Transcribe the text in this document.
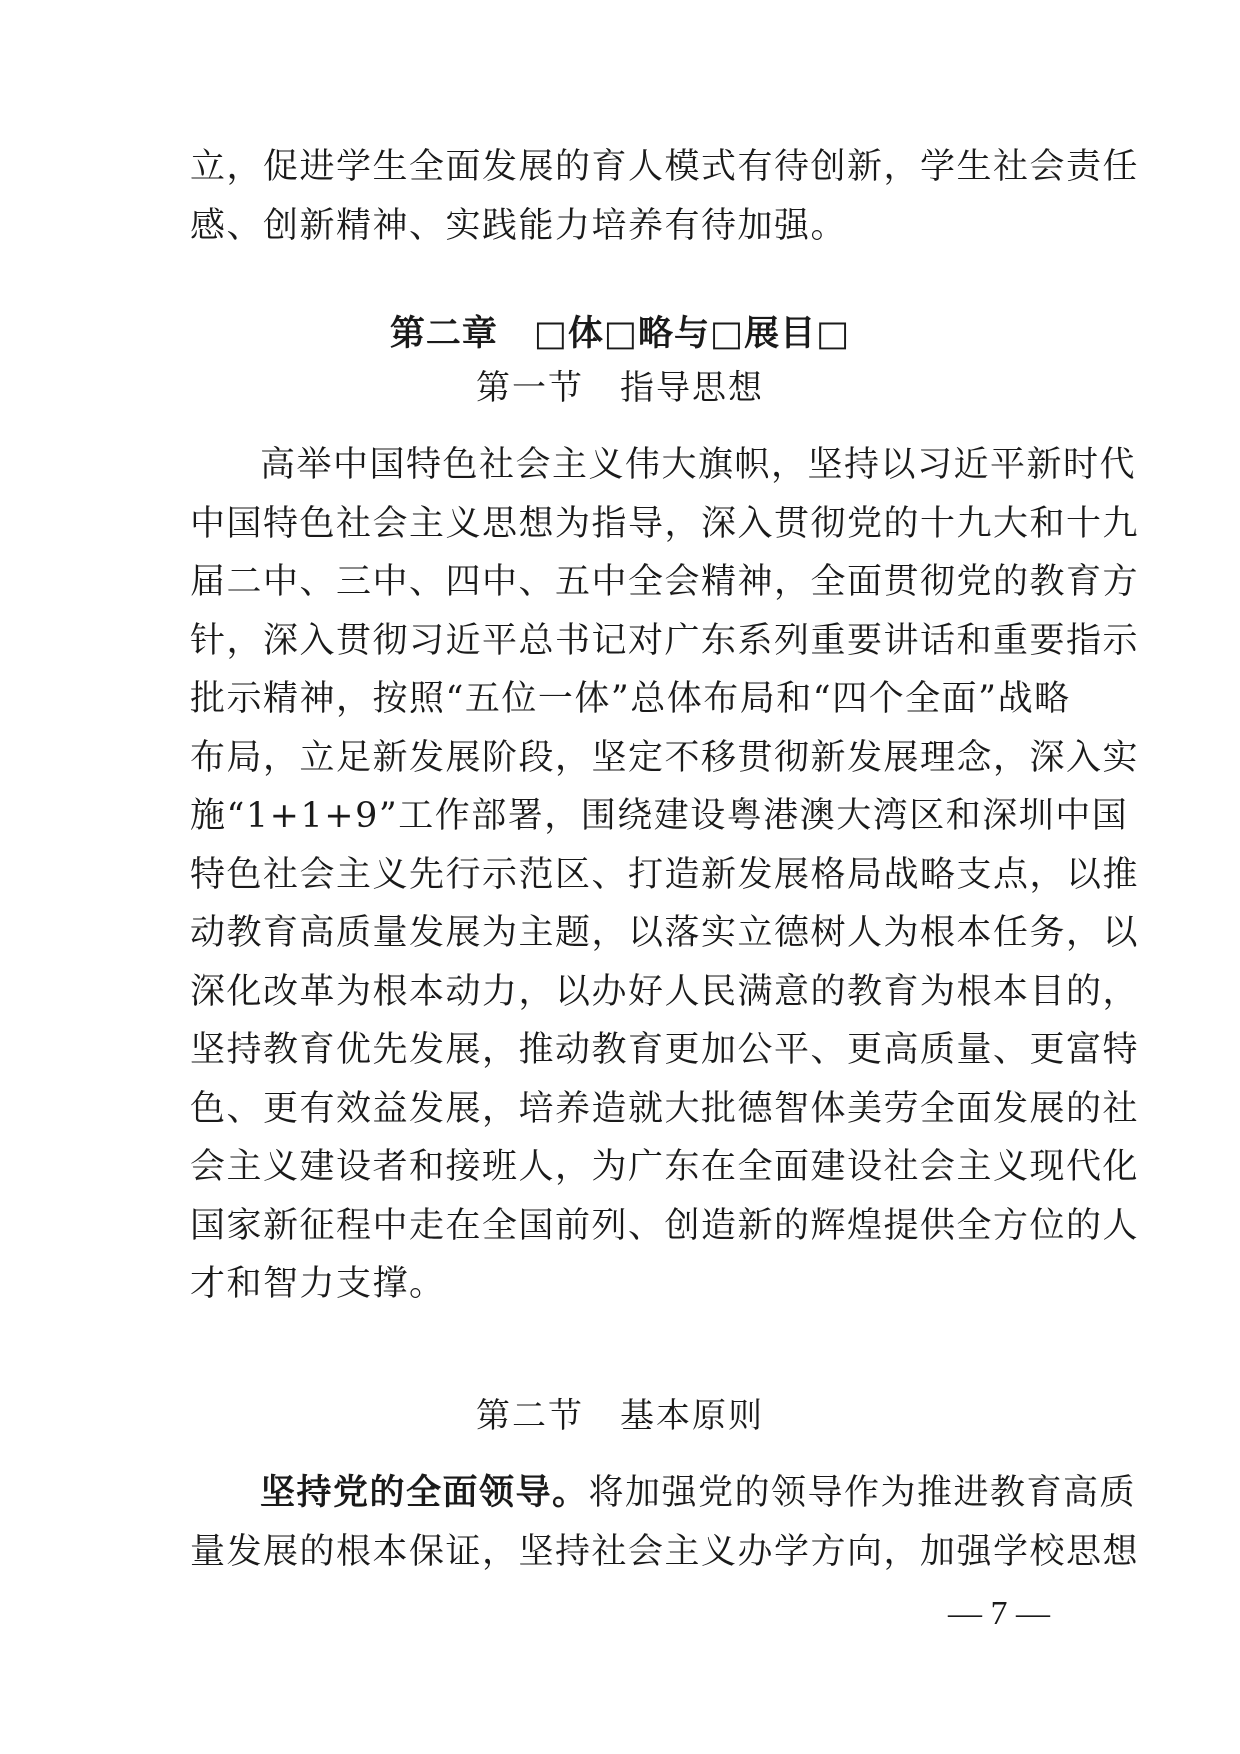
立，促进学生全面发展的育人模式有待创新，学生社会责任
感、创新精神、实践能力培养有待加强。
第二章　□体□略与□展目□
第一节　指导思想
高举中国特色社会主义伟大旗帜，坚持以习近平新时代
中国特色社会主义思想为指导，深入贯彻党的十九大和十九
届二中、三中、四中、五中全会精神，全面贯彻党的教育方
针，深入贯彻习近平总书记对广东系列重要讲话和重要指示
批示精神，按照“五位一体”总体布局和“四个全面”战略
布局，立足新发展阶段，坚定不移贯彻新发展理念，深入实
施“1+1+9”工作部署，围绕建设粤港澳大湾区和深圳中国
特色社会主义先行示范区、打造新发展格局战略支点，以推
动教育高质量发展为主题，以落实立德树人为根本任务，以
深化改革为根本动力，以办好人民满意的教育为根本目的，
坚持教育优先发展，推动教育更加公平、更高质量、更富特
色、更有效益发展，培养造就大批德智体美劳全面发展的社
会主义建设者和接班人，为广东在全面建设社会主义现代化
国家新征程中走在全国前列、创造新的辉煌提供全方位的人
才和智力支撑。
第二节　基本原则
坚持党的全面领导。将加强党的领导作为推进教育高质
量发展的根本保证，坚持社会主义办学方向，加强学校思想
— 7 —
